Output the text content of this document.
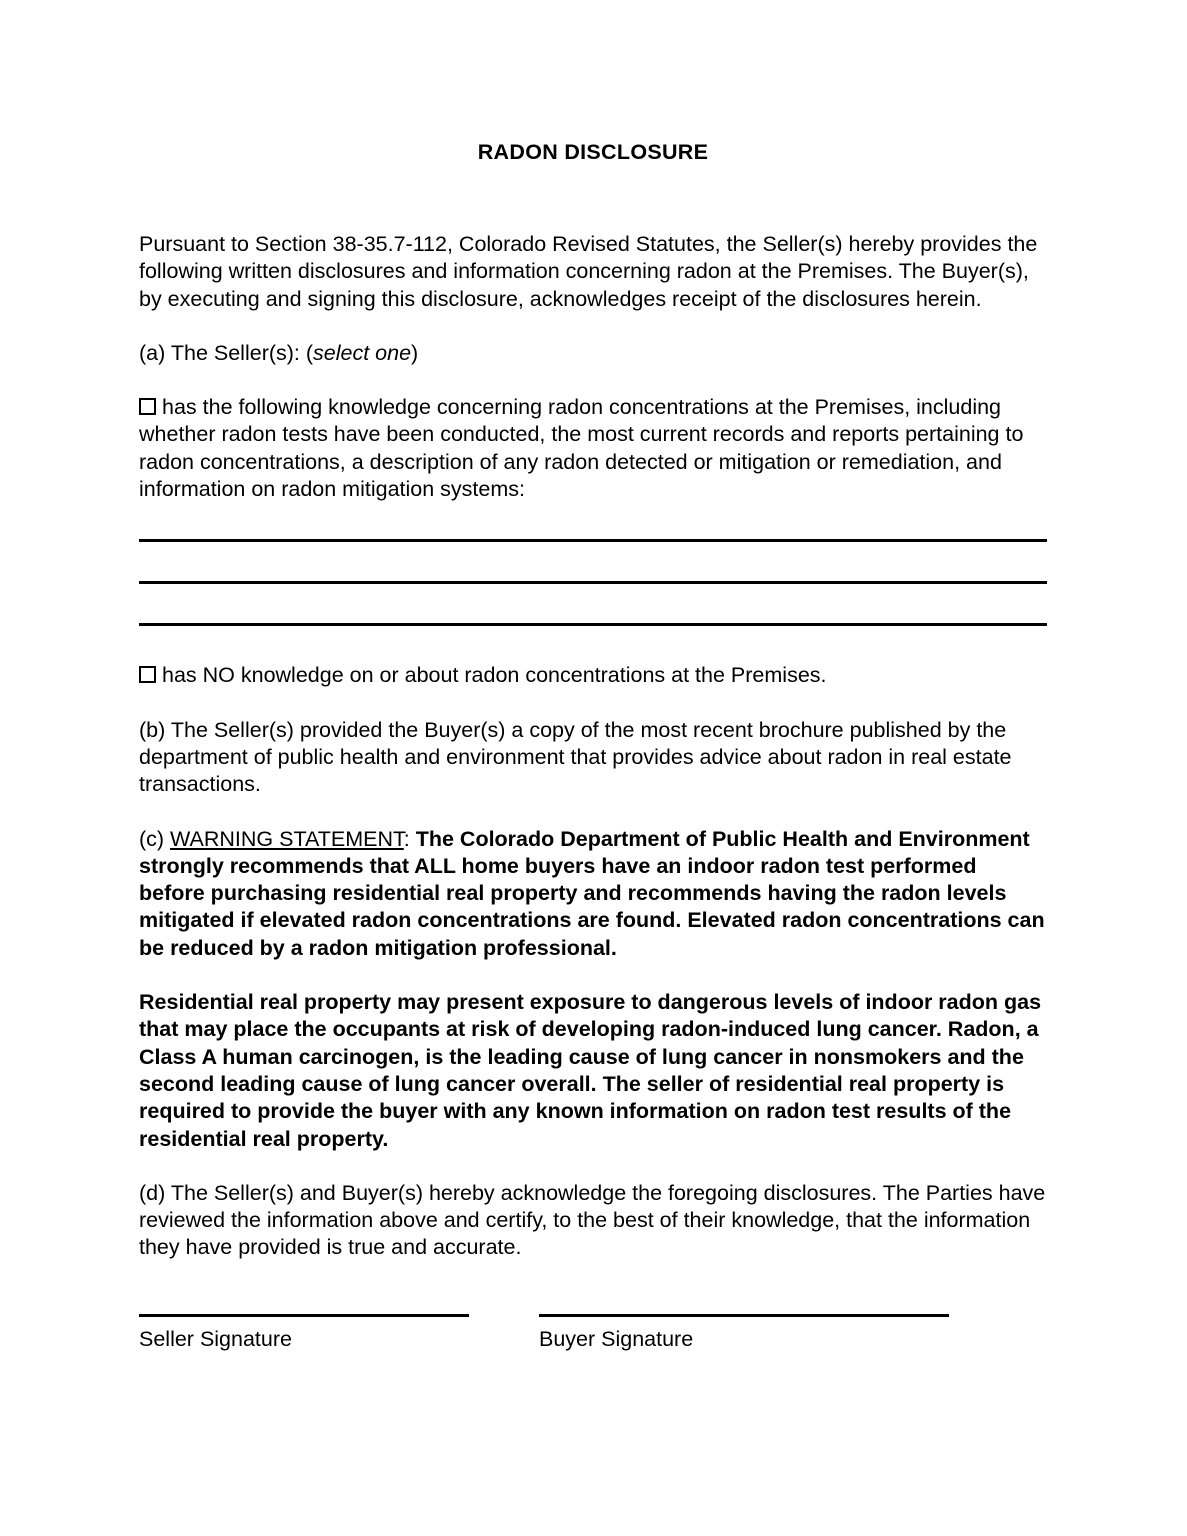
RADON DISCLOSURE

Pursuant to Section 38-35.7-112, Colorado Revised Statutes, the Seller(s) hereby provides the following written disclosures and information concerning radon at the Premises. The Buyer(s), by executing and signing this disclosure, acknowledges receipt of the disclosures herein.

(a) The Seller(s): (select one)

has the following knowledge concerning radon concentrations at the Premises, including whether radon tests have been conducted, the most current records and reports pertaining to radon concentrations, a description of any radon detected or mitigation or remediation, and information on radon mitigation systems:

has NO knowledge on or about radon concentrations at the Premises.

(b) The Seller(s) provided the Buyer(s) a copy of the most recent brochure published by the department of public health and environment that provides advice about radon in real estate transactions.

(c) WARNING STATEMENT: The Colorado Department of Public Health and Environment strongly recommends that ALL home buyers have an indoor radon test performed before purchasing residential real property and recommends having the radon levels mitigated if elevated radon concentrations are found. Elevated radon concentrations can be reduced by a radon mitigation professional.

Residential real property may present exposure to dangerous levels of indoor radon gas that may place the occupants at risk of developing radon-induced lung cancer. Radon, a Class A human carcinogen, is the leading cause of lung cancer in nonsmokers and the second leading cause of lung cancer overall. The seller of residential real property is required to provide the buyer with any known information on radon test results of the residential real property.

(d) The Seller(s) and Buyer(s) hereby acknowledge the foregoing disclosures. The Parties have reviewed the information above and certify, to the best of their knowledge, that the information they have provided is true and accurate.

Seller Signature	Buyer Signature
